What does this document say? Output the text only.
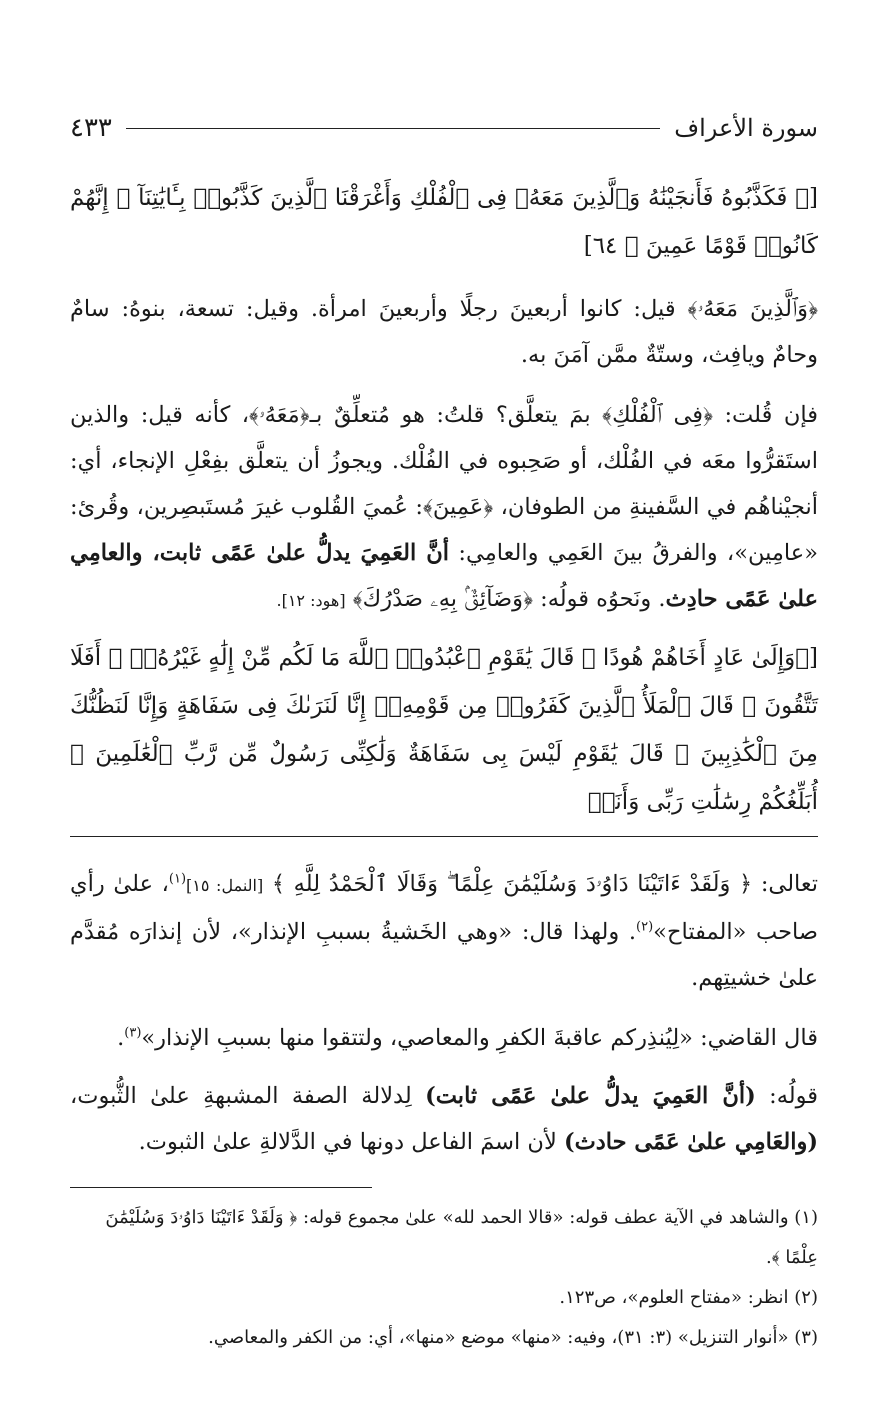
سورة الأعراف
٤٣٣

[﴿ فَكَذَّبُوهُ فَأَنجَيْنَٰهُ وَٱلَّذِينَ مَعَهُۥ فِى ٱلْفُلْكِ وَأَغْرَقْنَا ٱلَّذِينَ كَذَّبُوا۟ بِـَٔايَٰتِنَآ ۚ إِنَّهُمْ كَانُوا۟ قَوْمًا عَمِينَ ﴾ ٦٤]

﴿وَٱلَّذِينَ مَعَهُۥ﴾ قيل: كانوا أربعينَ رجلًا وأربعينَ امرأة. وقيل: تسعة، بنوهُ: سامٌ وحامٌ ويافِث، وستّةٌ ممَّن آمَنَ به.

فإن قُلت: ﴿فِى ٱلْفُلْكِ﴾ بمَ يتعلَّق؟ قلتُ: هو مُتعلِّقٌ بـ﴿مَعَهُۥ﴾، كأنه قيل: والذين استَقرُّوا معَه في الفُلْك، أو صَحِبوه في الفُلْك. ويجوزُ أن يتعلَّق بفِعْلِ الإنجاء، أي: أنجيْناهُم في السَّفينةِ من الطوفان، ﴿عَمِينَ﴾: عُميَ القُلوب غيرَ مُستَبصِرين، وقُرئ: «عامِين»، والفرقُ بينَ العَمِي والعامِي: أنَّ العَمِيَ يدلُّ علىٰ عَمًى ثابت، والعامِي علىٰ عَمًى حادِث. ونَحوُه قولُه: ﴿وَضَآئِقٌۢ بِهِۦ صَدْرُكَ﴾ [هود: ١٢].

[﴿وَإِلَىٰ عَادٍ أَخَاهُمْ هُودًا ۗ قَالَ يَٰقَوْمِ ٱعْبُدُوا۟ ٱللَّهَ مَا لَكُم مِّنْ إِلَٰهٍ غَيْرُهُۥٓ ۚ أَفَلَا تَتَّقُونَ ۞ قَالَ ٱلْمَلَأُ ٱلَّذِينَ كَفَرُوا۟ مِن قَوْمِهِۦٓ إِنَّا لَنَرَىٰكَ فِى سَفَاهَةٍ وَإِنَّا لَنَظُنُّكَ مِنَ ٱلْكَٰذِبِينَ ۞ قَالَ يَٰقَوْمِ لَيْسَ بِى سَفَاهَةٌ وَلَٰكِنِّى رَسُولٌ مِّن رَّبِّ ٱلْعَٰلَمِينَ ۞ أُبَلِّغُكُمْ رِسَٰلَٰتِ رَبِّى وَأَنَا۠

تعالى: ﴿ وَلَقَدْ ءَاتَيْنَا دَاوُۥدَ وَسُلَيْمَٰنَ عِلْمًا ۖ وَقَالَا ٱلْحَمْدُ لِلَّهِ ﴾ [النمل: ١٥]$^{(١)}$، علىٰ رأي صاحب «المفتاح»$^{(٢)}$. ولهذا قال: «وهي الخَشيةُ بسببِ الإنذار»، لأن إنذارَه مُقدَّم علىٰ خشيتِهم.

قال القاضي: «لِيُنذِركم عاقبةَ الكفرِ والمعاصي، ولتتقوا منها بسببِ الإنذار»$^{(٣)}$.

قولُه: (أنَّ العَمِيَ يدلُّ علىٰ عَمًى ثابت) لِدلالة الصفة المشبهةِ علىٰ الثُّبوت، (والعَامِي علىٰ عَمًى حادث) لأن اسمَ الفاعل دونها في الدَّلالةِ علىٰ الثبوت.

(١) والشاهد في الآية عطف قوله: «قالا الحمد لله» علىٰ مجموع قوله: ﴿ وَلَقَدْ ءَاتَيْنَا دَاوُۥدَ وَسُلَيْمَٰنَ عِلْمًا ﴾.

(٢) انظر: «مفتاح العلوم»، ص١٢٣.

(٣) «أنوار التنزيل» (٣: ٣١)، وفيه: «منها» موضع «منها»، أي: من الكفر والمعاصي.
